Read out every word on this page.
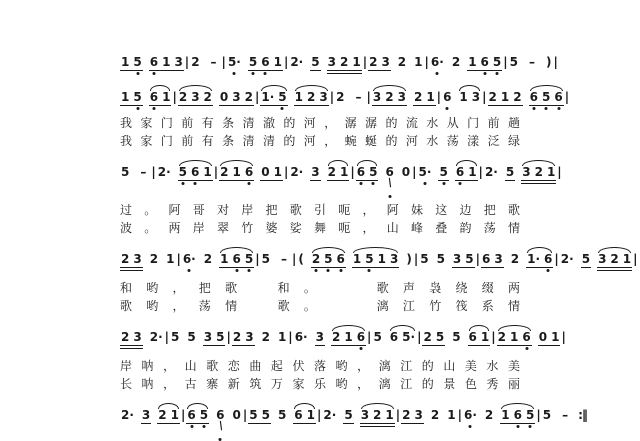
1 5 6 1 3 | 2 – | 5· 5 6 1 | 2· 5 3 2 1 | 2 3 2 1 | 6· 2 1 6 5 | 5 – ) |
1 5 6 1 | 2 3 2 0 3 2 | 1· 5 1 2 3 | 2 – | 3 2 3 2 1 | 6 1 3 | 2 1 2 6 5 6 |
我家门前有条清澈的河，潺潺的流水从门前趟
我家门前有条清清的河，蜿蜒的河水荡漾泛绿
5 – | 2· 5 6 1 | 2 1 6 0 1 | 2· 3 2 1 | 6 5 6\
0 | 5· 5 6 1 | 2· 5 3 2 1 |
过。阿哥对岸把歌引呃，阿妹这边把歌
波。两岸翠竹婆娑舞呃，山峰叠韵荡情
2 3 2 1 | 6· 2 1 6 5 | 5 – | ( 2 5 6 1 5 1 3 ) | 5 5 3 5 | 6 3 2 1· 6 | 2· 5 3 2 1 |
和哟，把歌　和。　　歌声袅绕缀两
歌哟，荡情　歌。　　漓江竹筏系情
2 3 2· | 5 5 3 5 | 2 3 2 1 | 6· 3 2 1 6 | 5 6 5· | 2 5 5 6 1 | 2 1 6 0 1 |
岸呐，山歌恋曲起伏落哟，漓江的山美水美
长呐，古寨新筑万家乐哟，漓江的景色秀丽
2· 3 2 1 | 6 5 6\
0 | 5 5 5 6 1 | 2· 5 3 2 1 | 2 3 2 1 | 6· 2 1 6 5 | 5 – :‖
